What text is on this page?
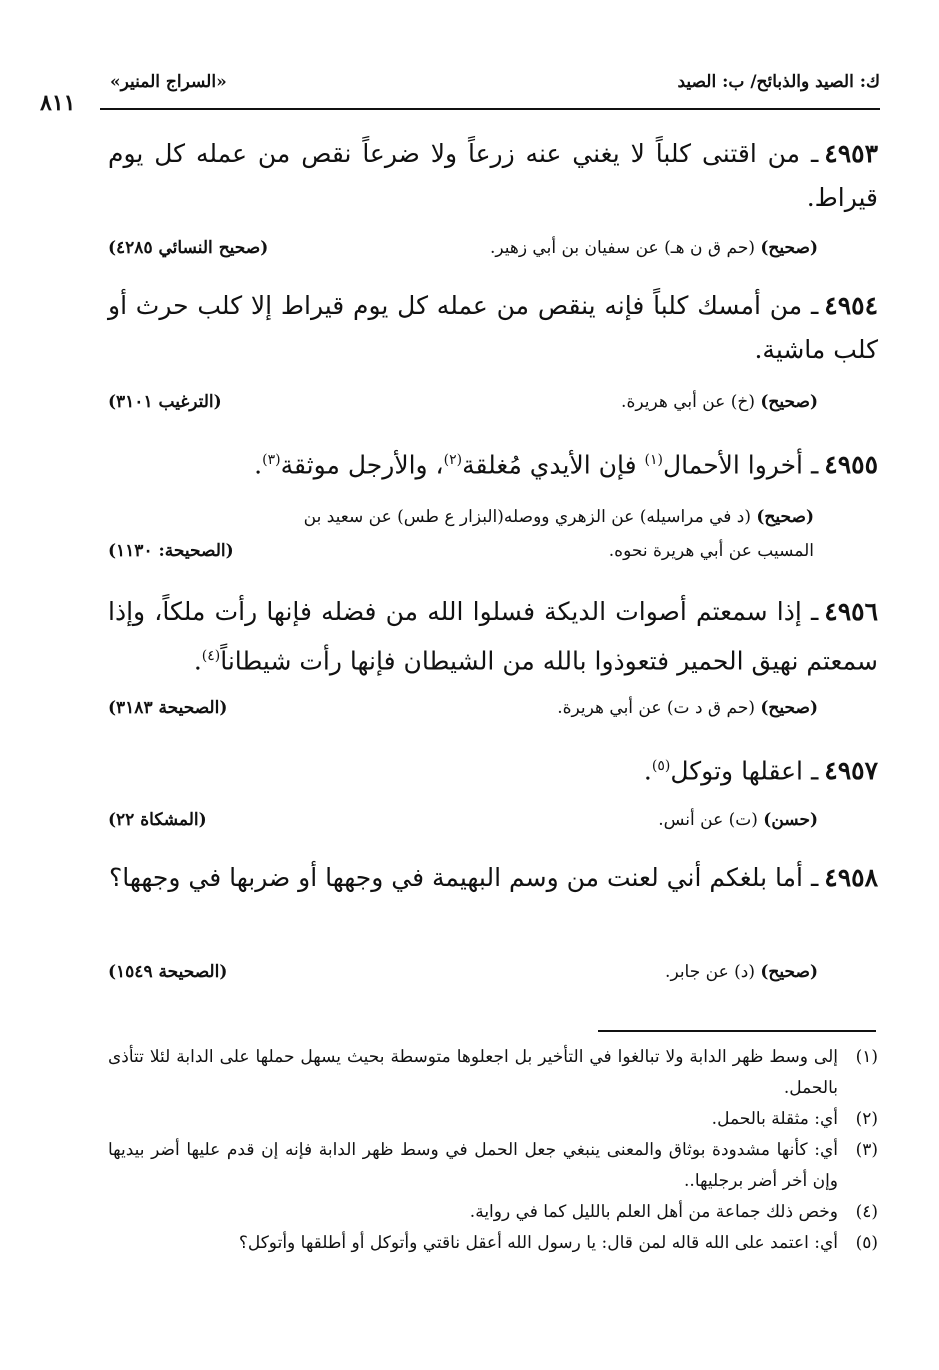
٨١١
«السراج المنير»	ك: الصيد والذبائح/ ب: الصيد
٤٩٥٣ـ من اقتنى كلباً لا يغني عنه زرعاً ولا ضرعاً نقص من عمله كل يوم قيراط.
(صحيح) (حم ق ن هـ) عن سفيان بن أبي زهير.
(صحيح النسائي ٤٢٨٥)
٤٩٥٤ـ من أمسك كلباً فإنه ينقص من عمله كل يوم قيراط إلا كلب حرث أو كلب ماشية.
(صحيح) (خ) عن أبي هريرة.
(الترغيب ٣١٠١)
٤٩٥٥ـ أخروا الأحمال$^{(١)}$ فإن الأيدي مُغلقة$^{(٢)}$، والأرجل موثقة$^{(٣)}$.
(صحيح) (د في مراسيله) عن الزهري ووصله(البزار ع طس) عن سعيد بن المسيب عن أبي هريرة نحوه.
(الصحيحة: ١١٣٠)
٤٩٥٦ـ إذا سمعتم أصوات الديكة فسلوا الله من فضله فإنها رأت ملكاً، وإذا سمعتم نهيق الحمير فتعوذوا بالله من الشيطان فإنها رأت شيطاناً$^{(٤)}$.
(صحيح) (حم ق د ت) عن أبي هريرة.
(الصحيحة ٣١٨٣)
٤٩٥٧ـ اعقلها وتوكل$^{(٥)}$.
(حسن) (ت) عن أنس.
(المشكاة ٢٢)
٤٩٥٨ـ أما بلغكم أني لعنت من وسم البهيمة في وجهها أو ضربها في وجهها؟
(صحيح) (د) عن جابر.
(الصحيحة ١٥٤٩)
(١)
إلى وسط ظهر الدابة ولا تبالغوا في التأخير بل اجعلوها متوسطة بحيث يسهل حملها على الدابة لئلا تتأذى بالحمل.
(٢)
أي: مثقلة بالحمل.
(٣)
أي: كأنها مشدودة بوثاق والمعنى ينبغي جعل الحمل في وسط ظهر الدابة فإنه إن قدم عليها أضر بيديها وإن أخر أضر برجليها..
(٤)
وخص ذلك جماعة من أهل العلم بالليل كما في رواية.
(٥)
أي: اعتمد على الله قاله لمن قال: يا رسول الله أعقل ناقتي وأتوكل أو أطلقها وأتوكل؟
